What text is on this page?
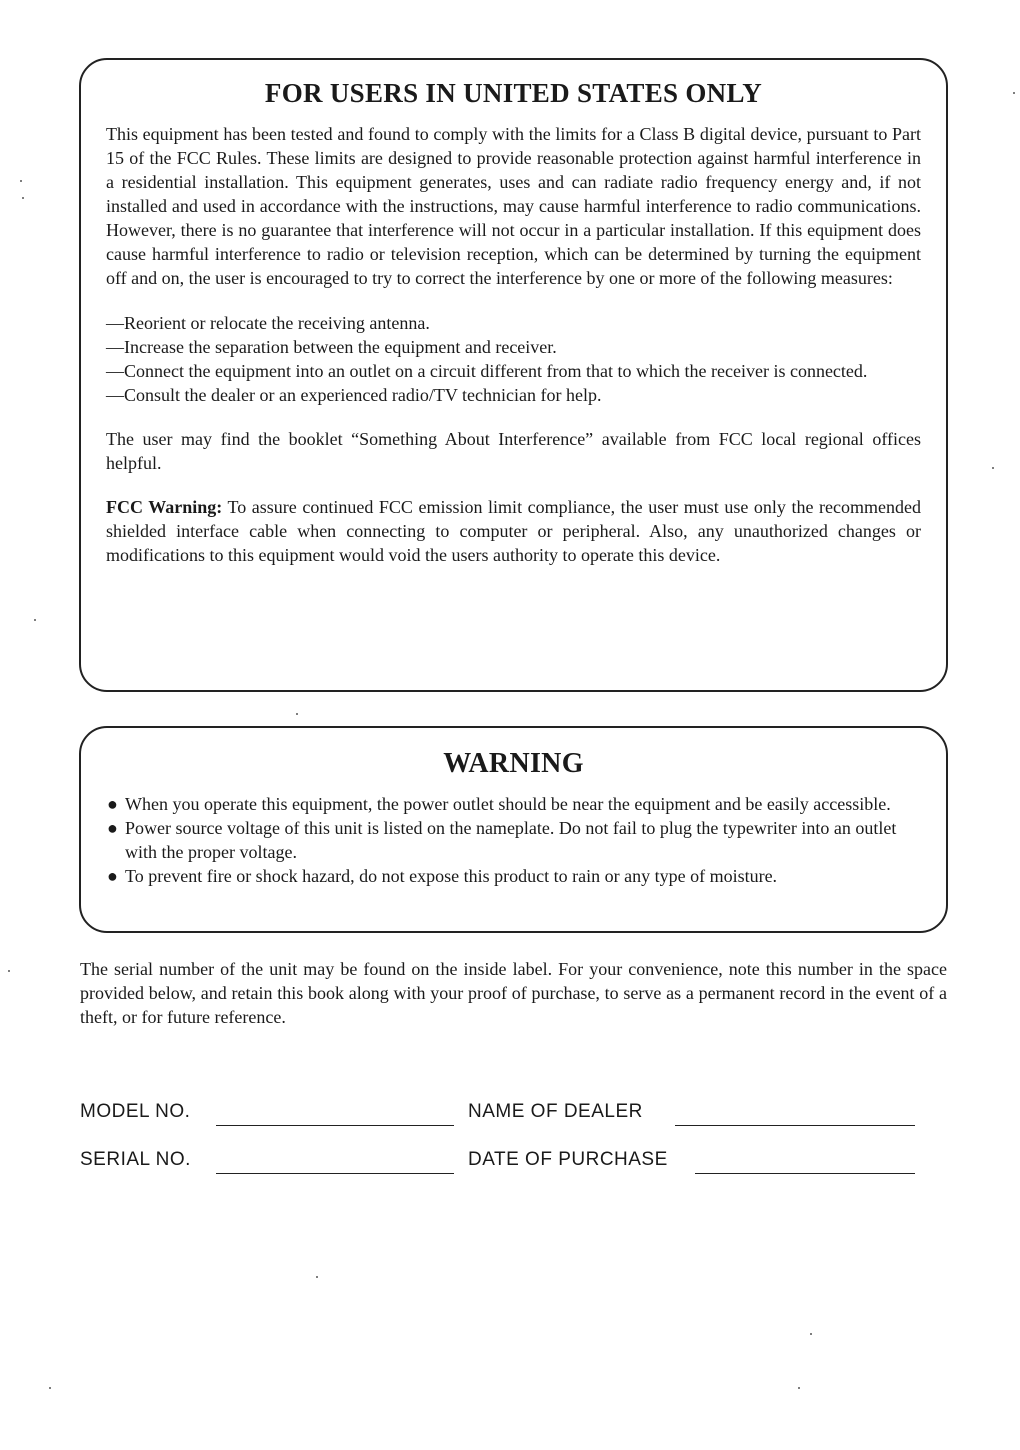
FOR USERS IN UNITED STATES ONLY

This equipment has been tested and found to comply with the limits for a Class B digital device, pursuant to Part 15 of the FCC Rules. These limits are designed to provide reasonable protection against harmful interference in a residential installation. This equipment generates, uses and can radiate radio frequency energy and, if not installed and used in accordance with the instructions, may cause harmful interference to radio communications. However, there is no guarantee that interference will not occur in a particular installation. If this equipment does cause harmful interference to radio or television reception, which can be determined by turning the equipment off and on, the user is encouraged to try to correct the interference by one or more of the following measures:

—Reorient or relocate the receiving antenna.
—Increase the separation between the equipment and receiver.
—Connect the equipment into an outlet on a circuit different from that to which the receiver is connected.
—Consult the dealer or an experienced radio/TV technician for help.

The user may find the booklet “Something About Interference” available from FCC local regional offices helpful.

FCC Warning: To assure continued FCC emission limit compliance, the user must use only the recommended shielded interface cable when connecting to computer or peripheral. Also, any unauthorized changes or modifications to this equipment would void the users authority to operate this device.

WARNING
● When you operate this equipment, the power outlet should be near the equipment and be easily accessible.
● Power source voltage of this unit is listed on the nameplate. Do not fail to plug the typewriter into an outlet with the proper voltage.
● To prevent fire or shock hazard, do not expose this product to rain or any type of moisture.

The serial number of the unit may be found on the inside label. For your convenience, note this number in the space provided below, and retain this book along with your proof of purchase, to serve as a permanent record in the event of a theft, or for future reference.

MODEL NO.	NAME OF DEALER
SERIAL NO.	DATE OF PURCHASE
